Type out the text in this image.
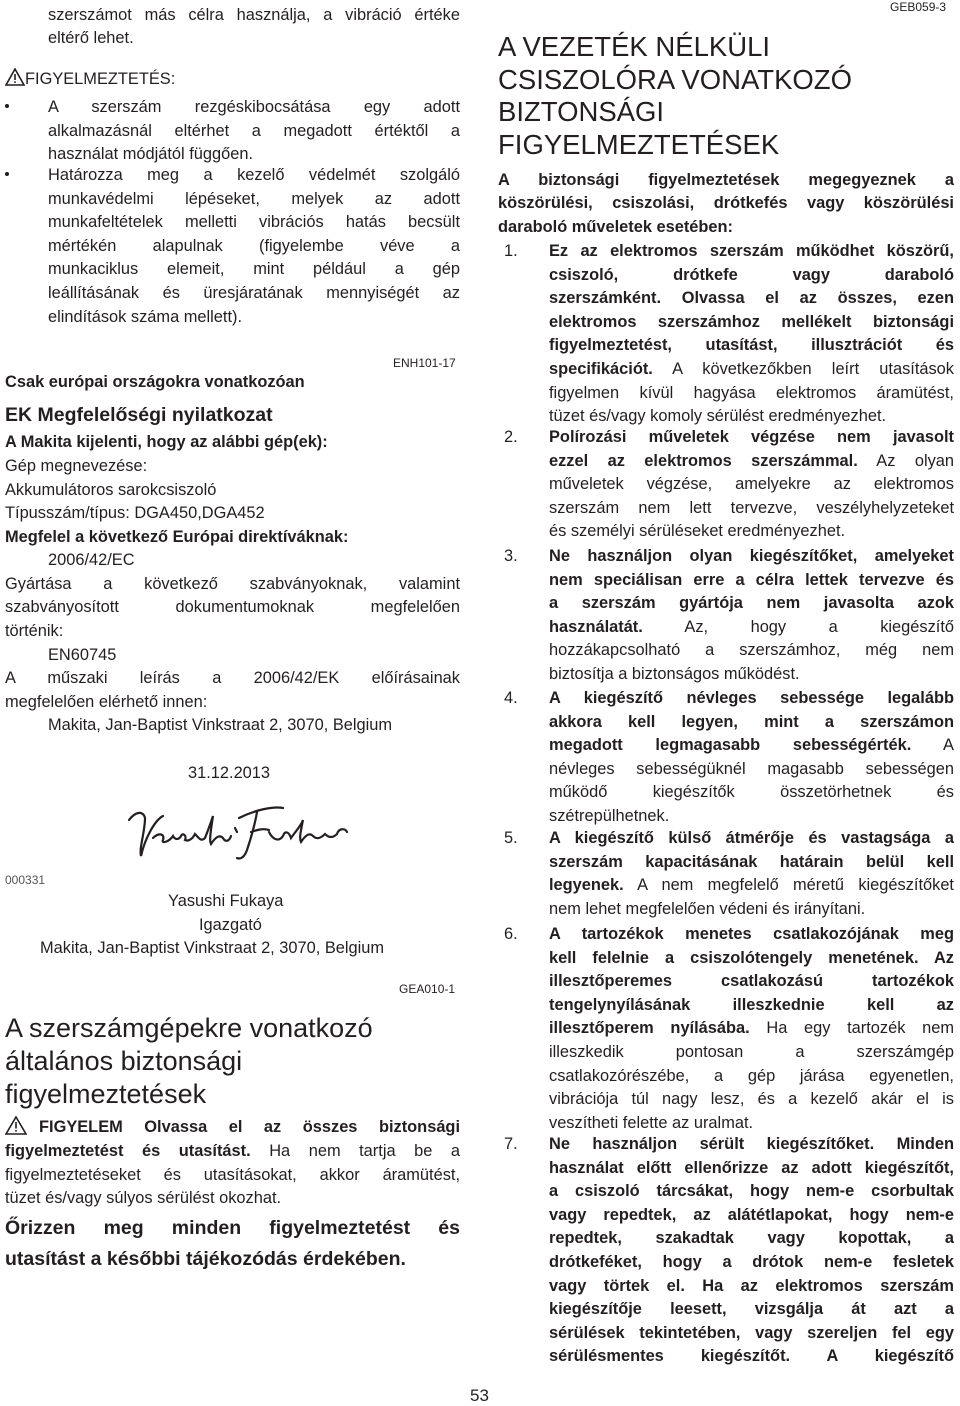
szerszámot más célra használja, a vibráció értéke

eltérő lehet.

FIGYELMEZTETÉS:

A szerszám rezgéskibocsátása egy adott

alkalmazásnál eltérhet a megadott értéktől a

használat módjától függően.

Határozza meg a kezelő védelmét szolgáló

munkavédelmi lépéseket, melyek az adott

munkafeltételek melletti vibrációs hatás becsült

mértékén alapulnak (figyelembe véve a

munkaciklus elemeit, mint például a gép

leállításának és üresjáratának mennyiségét az

elindítások száma mellett).

ENH101-17

Csak európai országokra vonatkozóan

EK Megfelelőségi nyilatkozat

A Makita kijelenti, hogy az alábbi gép(ek):

Gép megnevezése:

Akkumulátoros sarokcsiszoló

Típusszám/típus: DGA450,DGA452

Megfelel a következő Európai direktíváknak:

2006/42/EC

Gyártása a következő szabványoknak, valamint

szabványosított dokumentumoknak megfelelően

történik:

EN60745

A műszaki leírás a 2006/42/EK előírásainak

megfelelően elérhető innen:

Makita, Jan-Baptist Vinkstraat 2, 3070, Belgium

31.12.2013

000331

Yasushi Fukaya

Igazgató

Makita, Jan-Baptist Vinkstraat 2, 3070, Belgium

GEA010-1

A szerszámgépekre vonatkozó

általános biztonsági

figyelmeztetések

FIGYELEM Olvassa el az összes biztonsági

figyelmeztetést és utasítást. Ha nem tartja be a

figyelmeztetéseket és utasításokat, akkor áramütést,

tüzet és/vagy súlyos sérülést okozhat.

Őrizzen meg minden figyelmeztetést és

utasítást a későbbi tájékozódás érdekében.

GEB059-3

A VEZETÉK NÉLKÜLI

CSISZOLÓRA VONATKOZÓ

BIZTONSÁGI

FIGYELMEZTETÉSEK

A biztonsági figyelmeztetések megegyeznek a

köszörülési, csiszolási, drótkefés vagy köszörülési

daraboló műveletek esetében:

1. Ez az elektromos szerszám működhet köszörű,

csiszoló, drótkefe vagy daraboló

szerszámként. Olvassa el az összes, ezen

elektromos szerszámhoz mellékelt biztonsági

figyelmeztetést, utasítást, illusztrációt és

specifikációt. A következőkben leírt utasítások

figyelmen kívül hagyása elektromos áramütést,

tüzet és/vagy komoly sérülést eredményezhet.

2. Polírozási műveletek végzése nem javasolt

ezzel az elektromos szerszámmal. Az olyan

műveletek végzése, amelyekre az elektromos

szerszám nem lett tervezve, veszélyhelyzeteket

és személyi sérüléseket eredményezhet.

3. Ne használjon olyan kiegészítőket, amelyeket

nem speciálisan erre a célra lettek tervezve és

a szerszám gyártója nem javasolta azok

használatát. Az, hogy a kiegészítő

hozzákapcsolható a szerszámhoz, még nem

biztosítja a biztonságos működést.

4. A kiegészítő névleges sebessége legalább

akkora kell legyen, mint a szerszámon

megadott legmagasabb sebességérték. A

névleges sebességüknél magasabb sebességen

működő kiegészítők összetörhetnek és

szétrepülhetnek.

5. A kiegészítő külső átmérője és vastagsága a

szerszám kapacitásának határain belül kell

legyenek. A nem megfelelő méretű kiegészítőket

nem lehet megfelelően védeni és irányítani.

6. A tartozékok menetes csatlakozójának meg

kell felelnie a csiszolótengely menetének. Az

illesztőperemes csatlakozású tartozékok

tengelynyílásának illeszkednie kell az

illesztőperem nyílásába. Ha egy tartozék nem

illeszkedik pontosan a szerszámgép

csatlakozórészébe, a gép járása egyenetlen,

vibrációja túl nagy lesz, és a kezelő akár el is

veszítheti felette az uralmat.

7. Ne használjon sérült kiegészítőket. Minden

használat előtt ellenőrizze az adott kiegészítőt,

a csiszoló tárcsákat, hogy nem-e csorbultak

vagy repedtek, az alátétlapokat, hogy nem-e

repedtek, szakadtak vagy kopottak, a

drótkeféket, hogy a drótok nem-e fesletek

vagy törtek el. Ha az elektromos szerszám

kiegészítője leesett, vizsgálja át azt a

sérülések tekintetében, vagy szereljen fel egy

sérülésmentes kiegészítőt. A kiegészítő

53
